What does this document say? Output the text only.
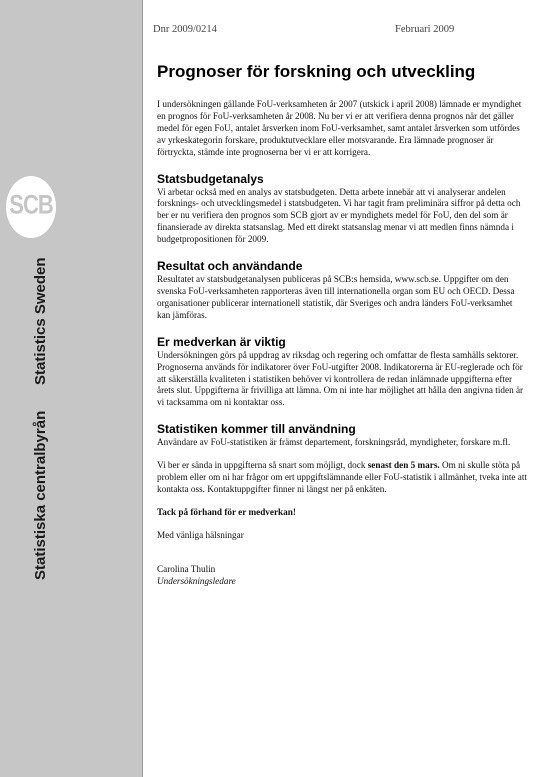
SCB
Statistiska centralbyrån
Statistics Sweden
Dnr 2009/0214	Februari 2009
Prognoser för forskning och utveckling

I undersökningen gällande FoU-verksamheten år 2007 (utskick i april 2008) lämnade er myndighet en prognos för FoU-verksamheten år 2008. Nu ber vi er att verifiera denna prognos när det gäller medel för egen FoU, antalet årsverken inom FoU-verksamhet, samt antalet årsverken som utfördes av yrkeskategorin forskare, produktutvecklare eller motsvarande. Era lämnade prognoser är förtryckta, stämde inte prognoserna ber vi er att korrigera.

Statsbudgetanalys

Vi arbetar också med en analys av statsbudgeten. Detta arbete innebär att vi analyserar andelen forsknings- och utvecklingsmedel i statsbudgeten. Vi har tagit fram preliminära siffror på detta och ber er nu verifiera den prognos som SCB gjort av er myndighets medel för FoU, den del som är finansierade av direkta statsanslag. Med ett direkt statsanslag menar vi att medlen finns nämnda i budgetpropositionen för 2009.

Resultat och användande

Resultatet av statsbudgetanalysen publiceras på SCB:s hemsida, www.scb.se. Uppgifter om den svenska FoU-verksamheten rapporteras även till internationella organ som EU och OECD. Dessa organisationer publicerar internationell statistik, där Sveriges och andra länders FoU-verksamhet kan jämföras.

Er medverkan är viktig

Undersökningen görs på uppdrag av riksdag och regering och omfattar de flesta samhälls sektorer. Prognoserna används för indikatorer över FoU-utgifter 2008. Indikatorerna är EU-reglerade och för att säkerställa kvaliteten i statistiken behöver vi kontrollera de redan inlämnade uppgifterna efter årets slut. Uppgifterna är frivilliga att lämna. Om ni inte har möjlighet att hålla den angivna tiden är vi tacksamma om ni kontaktar oss.

Statistiken kommer till användning

Användare av FoU-statistiken är främst departement, forskningsråd, myndigheter, forskare m.fl.

Vi ber er sända in uppgifterna så snart som möjligt, dock senast den 5 mars. Om ni skulle stöta på problem eller om ni har frågor om ert uppgiftslämnande eller FoU-statistik i allmänhet, tveka inte att kontakta oss. Kontaktuppgifter finner ni längst ner på enkäten.

Tack på förhand för er medverkan!

Med vänliga hälsningar

Carolina Thulin

Undersökningsledare
